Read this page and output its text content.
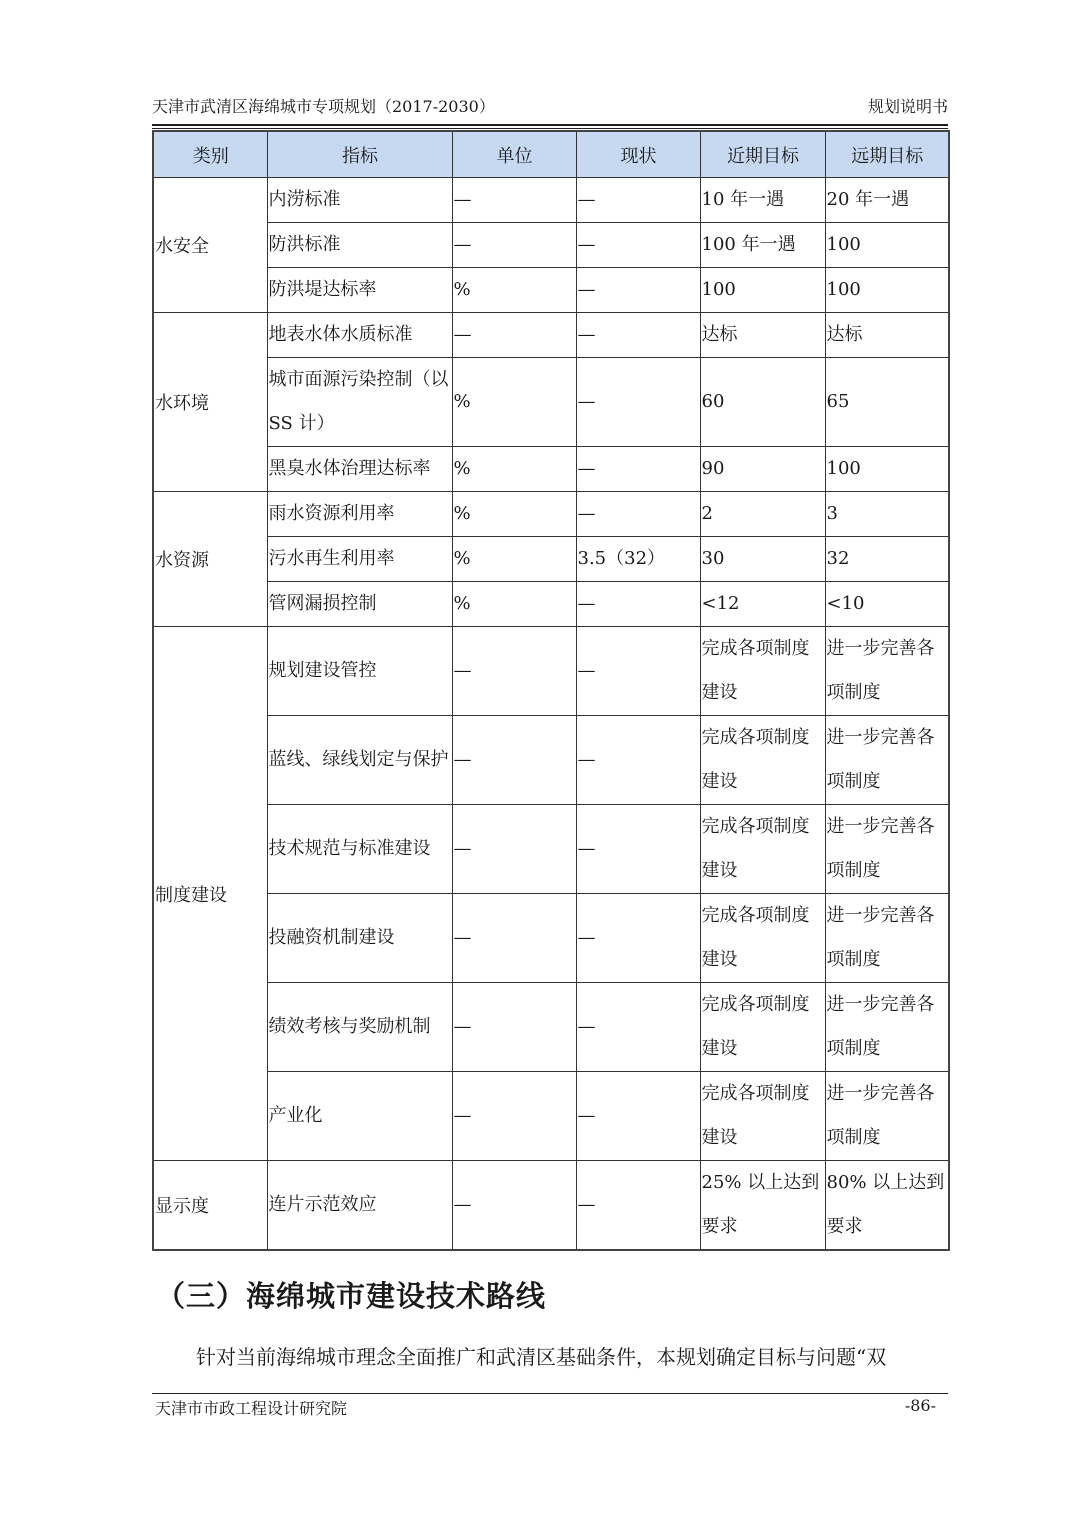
天津市武清区海绵城市专项规划（2017-2030）	规划说明书
类别	指标	单位	现状	近期目标	远期目标
水安全	内涝标准	—	—	10 年一遇	20 年一遇

	防洪标准	—	—	100 年一遇	100

	防洪堤达标率	%	—	100	100

水环境	地表水体水质标准	—	—	达标	达标

	城市面源污染控制（以SS 计）	%	—	60	65

	黑臭水体治理达标率	%	—	90	100

水资源	雨水资源利用率	%	—	2	3

	污水再生利用率	%	3.5（32）	30	32

	管网漏损控制	%	—	<12	<10

制度建设	规划建设管控	—	—	完成各项制度建设	进一步完善各项制度

	蓝线、绿线划定与保护	—	—	完成各项制度建设	进一步完善各项制度

	技术规范与标准建设	—	—	完成各项制度建设	进一步完善各项制度

	投融资机制建设	—	—	完成各项制度建设	进一步完善各项制度

	绩效考核与奖励机制	—	—	完成各项制度建设	进一步完善各项制度

	产业化	—	—	完成各项制度建设	进一步完善各项制度

显示度	连片示范效应	—	—	25% 以上达到要求	80% 以上达到要求
（三）海绵城市建设技术路线
针对当前海绵城市理念全面推广和武清区基础条件，本规划确定目标与问题“双
天津市市政工程设计研究院	-86-
